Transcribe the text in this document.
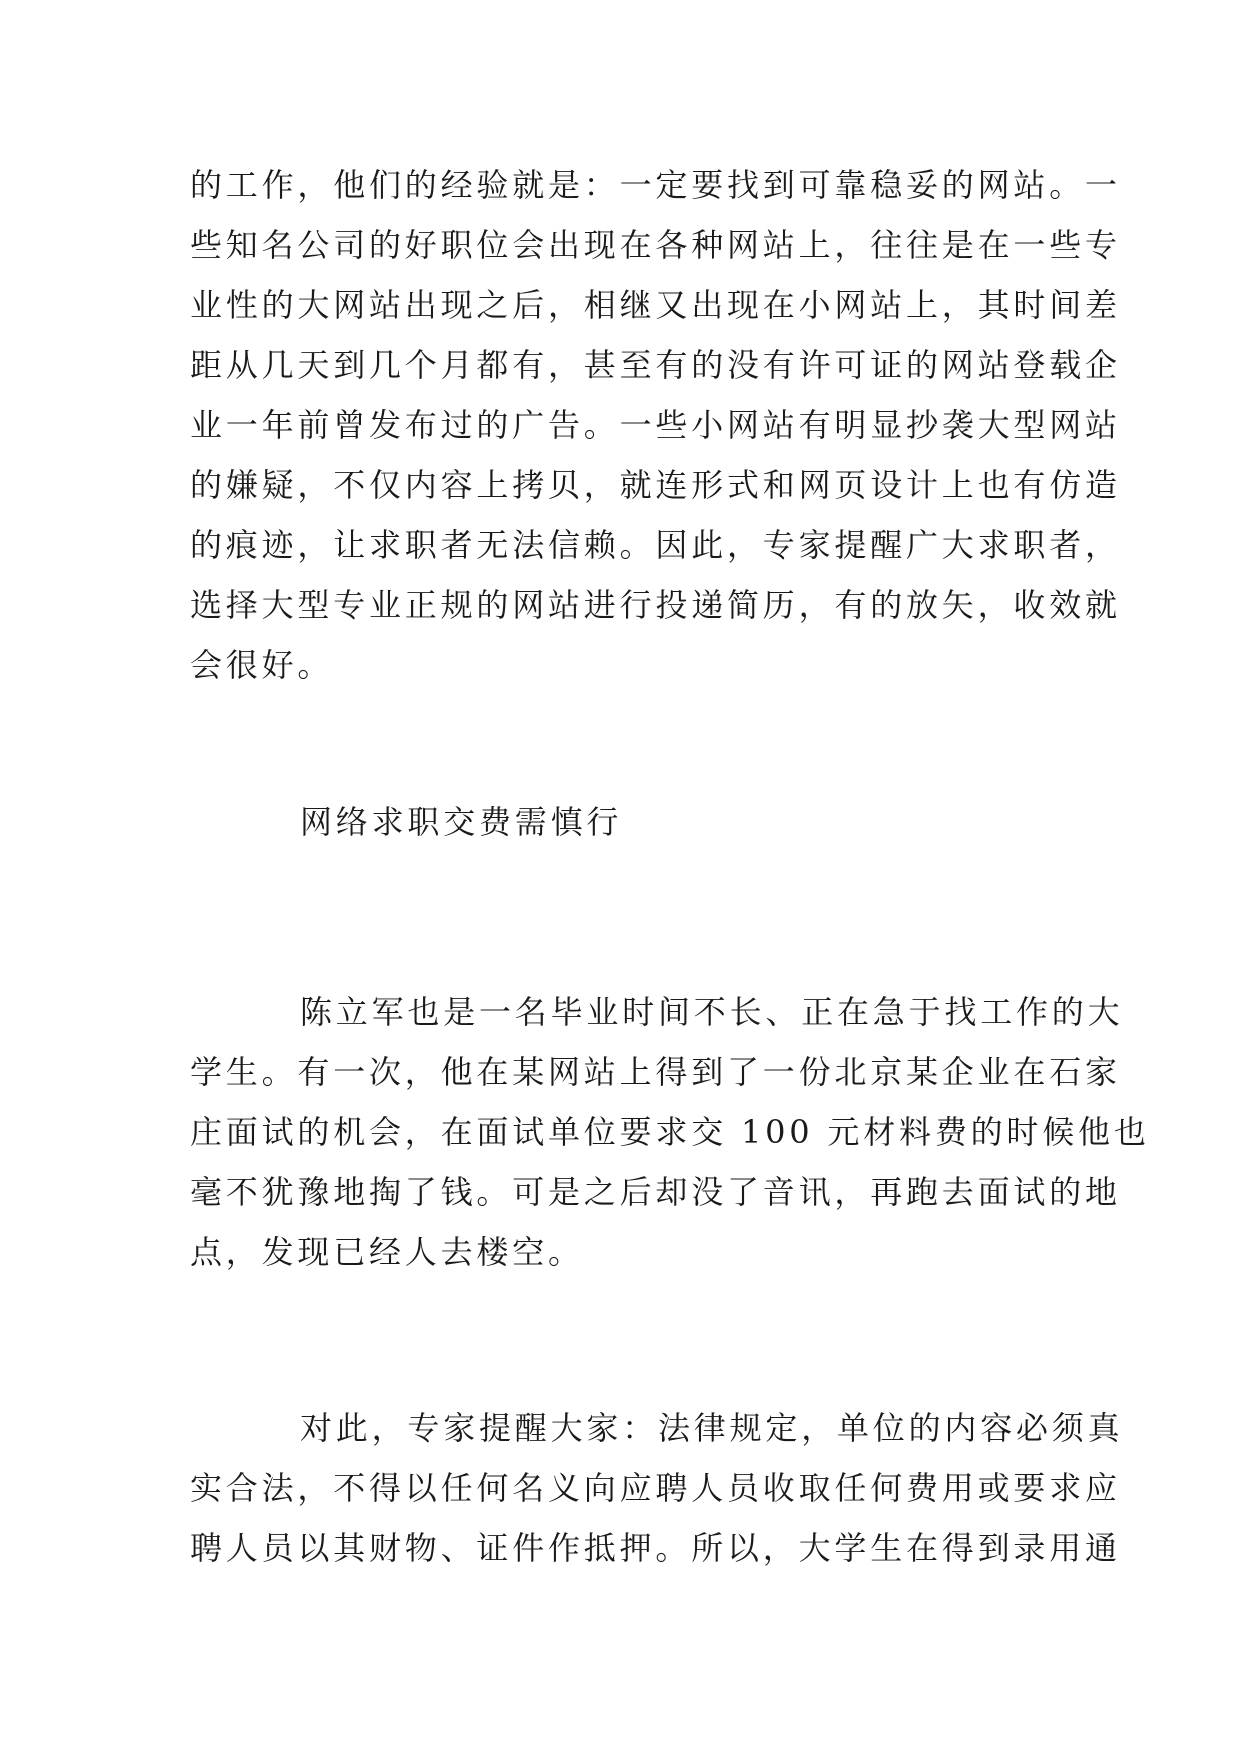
的工作，他们的经验就是：一定要找到可靠稳妥的网站。一
些知名公司的好职位会出现在各种网站上，往往是在一些专
业性的大网站出现之后，相继又出现在小网站上，其时间差
距从几天到几个月都有，甚至有的没有许可证的网站登载企
业一年前曾发布过的广告。一些小网站有明显抄袭大型网站
的嫌疑，不仅内容上拷贝，就连形式和网页设计上也有仿造
的痕迹，让求职者无法信赖。因此，专家提醒广大求职者，
选择大型专业正规的网站进行投递简历，有的放矢，收效就
会很好。

网络求职交费需慎行

陈立军也是一名毕业时间不长、正在急于找工作的大
学生。有一次，他在某网站上得到了一份北京某企业在石家
庄面试的机会，在面试单位要求交 100 元材料费的时候他也
毫不犹豫地掏了钱。可是之后却没了音讯，再跑去面试的地
点，发现已经人去楼空。

对此，专家提醒大家：法律规定，单位的内容必须真
实合法，不得以任何名义向应聘人员收取任何费用或要求应
聘人员以其财物、证件作抵押。所以，大学生在得到录用通
